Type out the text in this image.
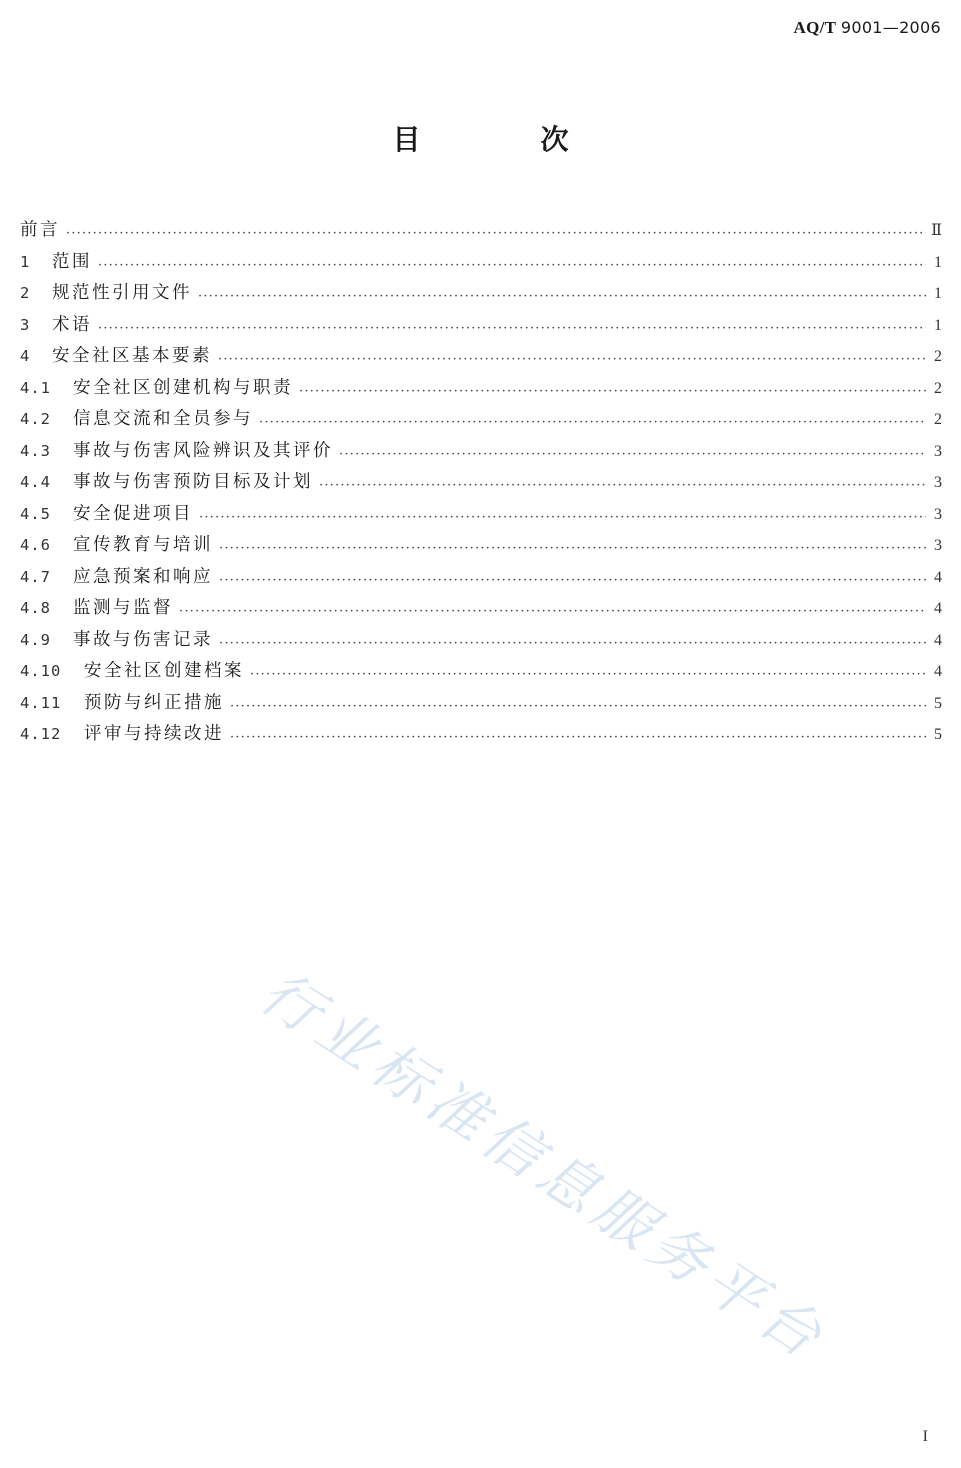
AQ/T 9001—2006
目　次
前言 ·····	Ⅱ
1	范围 ·····	1
2	规范性引用文件 ·····	1
3	术语 ·····	1
4	安全社区基本要素 ·····	2
4.1	安全社区创建机构与职责 ·····	2
4.2	信息交流和全员参与 ·····	2
4.3	事故与伤害风险辨识及其评价 ·····	3
4.4	事故与伤害预防目标及计划 ·····	3
4.5	安全促进项目 ·····	3
4.6	宣传教育与培训 ·····	3
4.7	应急预案和响应 ·····	4
4.8	监测与监督 ·····	4
4.9	事故与伤害记录 ·····	4
4.10	安全社区创建档案 ·····	4
4.11	预防与纠正措施 ·····	5
4.12	评审与持续改进 ·····	5
行业标准信息服务平台
I
